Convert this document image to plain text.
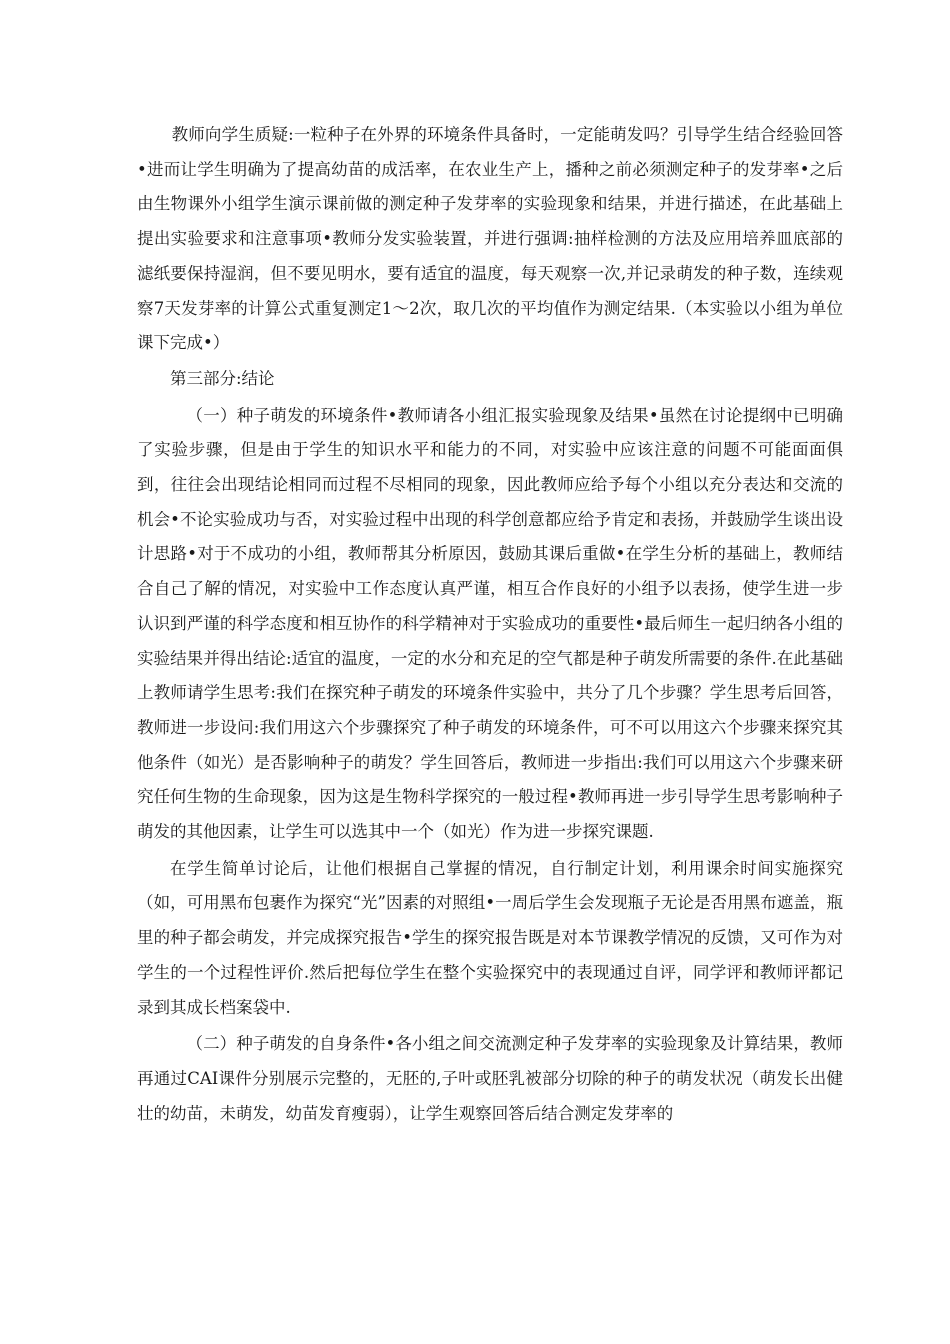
教师向学生质疑:一粒种子在外界的环境条件具备时，一定能萌发吗？引导学生结合经验回答•进而让学生明确为了提高幼苗的成活率，在农业生产上，播种之前必须测定种子的发芽率•之后由生物课外小组学生演示课前做的测定种子发芽率的实验现象和结果，并进行描述，在此基础上提出实验要求和注意事项•教师分发实验装置，并进行强调:抽样检测的方法及应用培养皿底部的滤纸要保持湿润，但不要见明水，要有适宜的温度，每天观察一次,并记录萌发的种子数，连续观察7天发芽率的计算公式重复测定1〜2次，取几次的平均值作为测定结果.（本实验以小组为单位课下完成•）

第三部分:结论

（一）种子萌发的环境条件•教师请各小组汇报实验现象及结果•虽然在讨论提纲中已明确了实验步骤，但是由于学生的知识水平和能力的不同，对实验中应该注意的问题不可能面面俱到，往往会出现结论相同而过程不尽相同的现象，因此教师应给予每个小组以充分表达和交流的机会•不论实验成功与否，对实验过程中出现的科学创意都应给予肯定和表扬，并鼓励学生谈出设计思路•对于不成功的小组，教师帮其分析原因，鼓励其课后重做•在学生分析的基础上，教师结合自己了解的情况，对实验中工作态度认真严谨，相互合作良好的小组予以表扬，使学生进一步认识到严谨的科学态度和相互协作的科学精神对于实验成功的重要性•最后师生一起归纳各小组的实验结果并得出结论:适宜的温度，一定的水分和充足的空气都是种子萌发所需要的条件.在此基础上教师请学生思考:我们在探究种子萌发的环境条件实验中，共分了几个步骤？学生思考后回答，教师进一步设问:我们用这六个步骤探究了种子萌发的环境条件，可不可以用这六个步骤来探究其他条件（如光）是否影响种子的萌发？学生回答后，教师进一步指出:我们可以用这六个步骤来研究任何生物的生命现象，因为这是生物科学探究的一般过程•教师再进一步引导学生思考影响种子萌发的其他因素，让学生可以选其中一个（如光）作为进一步探究课题.

在学生简单讨论后，让他们根据自己掌握的情况，自行制定计划，利用课余时间实施探究（如，可用黑布包裹作为探究“光”因素的对照组•一周后学生会发现瓶子无论是否用黑布遮盖，瓶里的种子都会萌发，并完成探究报告•学生的探究报告既是对本节课教学情况的反馈，又可作为对学生的一个过程性评价.然后把每位学生在整个实验探究中的表现通过自评，同学评和教师评都记录到其成长档案袋中.

（二）种子萌发的自身条件•各小组之间交流测定种子发芽率的实验现象及计算结果，教师再通过CAI课件分别展示完整的，无胚的,子叶或胚乳被部分切除的种子的萌发状况（萌发长出健壮的幼苗，未萌发，幼苗发育瘦弱），让学生观察回答后结合测定发芽率的
